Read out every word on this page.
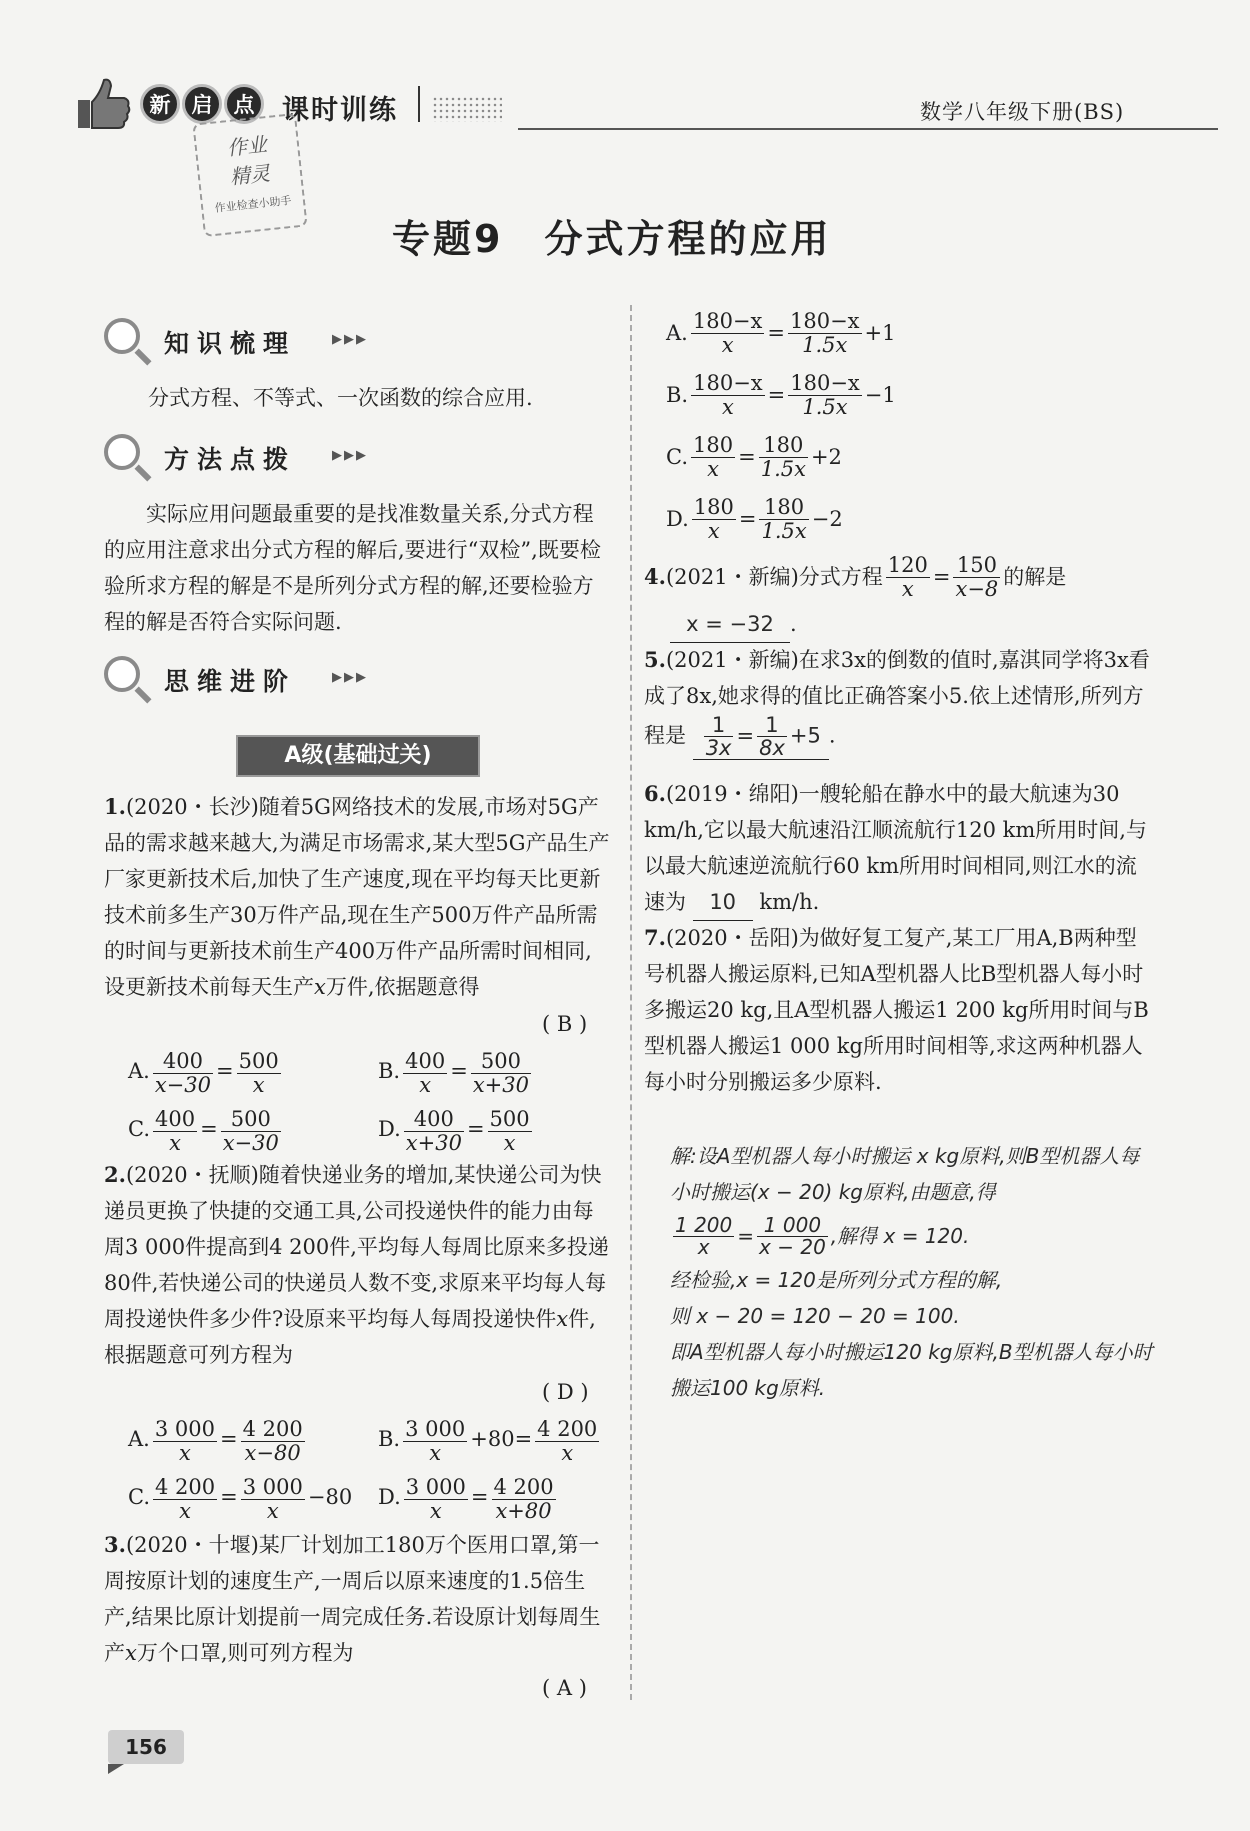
新	启	点	课时训练	数学八年级下册(BS)
作业
精灵
作业检查小助手
专题9　分式方程的应用
知识梳理	▶▶▶
分式方程、不等式、一次函数的综合应用.
方法点拨	▶▶▶
实际应用问题最重要的是找准数量关系,分式方程的应用注意求出分式方程的解后,要进行“双检”,既要检验所求方程的解是不是所列分式方程的解,还要检验方程的解是否符合实际问题.
思维进阶	▶▶▶
A级(基础过关)
1.(2020・长沙)随着5G网络技术的发展,市场对5G产品的需求越来越大,为满足市场需求,某大型5G产品生产厂家更新技术后,加快了生产速度,现在平均每天比更新技术前多生产30万件产品,现在生产500万件产品所需的时间与更新技术前生产400万件产品所需时间相同,设更新技术前每天生产x万件,依据题意得
( B )
A. $\frac{400}{x-30} = \frac{500}{x}$	B. $\frac{400}{x} = \frac{500}{x+30}$
C. $\frac{400}{x} = \frac{500}{x-30}$	D. $\frac{400}{x+30} = \frac{500}{x}$
2.(2020・抚顺)随着快递业务的增加,某快递公司为快递员更换了快捷的交通工具,公司投递快件的能力由每周3 000件提高到4 200件,平均每人每周比原来多投递80件,若快递公司的快递员人数不变,求原来平均每人每周投递快件多少件?设原来平均每人每周投递快件x件,根据题意可列方程为
( D )
A. $\frac{3 000}{x} = \frac{4 200}{x-80}$	B. $\frac{3 000}{x} +80= \frac{4 200}{x}$
C. $\frac{4 200}{x} = \frac{3 000}{x} -80$	D. $\frac{3 000}{x} = \frac{4 200}{x+80}$
3.(2020・十堰)某厂计划加工180万个医用口罩,第一周按原计划的速度生产,一周后以原来速度的1.5倍生产,结果比原计划提前一周完成任务.若设原计划每周生产x万个口罩,则可列方程为
( A )
A. $\frac{180-x}{x} = \frac{180-x}{1.5x} +1$
B. $\frac{180-x}{x} = \frac{180-x}{1.5x} -1$
C. $\frac{180}{x} = \frac{180}{1.5x} +2$
D. $\frac{180}{x} = \frac{180}{1.5x} -2$
4. (2021・新编)分式方程 $\frac{120}{x} = \frac{150}{x-8}$ 的解是
x = −32 .
5.(2021・新编)在求3x的倒数的值时,嘉淇同学将3x看成了8x,她求得的值比正确答案小5.依上述情形,所列方程是 $\frac{1}{3x} = \frac{1}{8x} +5$ .
6.(2019・绵阳)一艘轮船在静水中的最大航速为30 km/h,它以最大航速沿江顺流航行120 km所用时间,与以最大航速逆流航行60 km所用时间相同,则江水的流速为 10 km/h.
7.(2020・岳阳)为做好复工复产,某工厂用A,B两种型号机器人搬运原料,已知A型机器人比B型机器人每小时多搬运20 kg,且A型机器人搬运1 200 kg所用时间与B型机器人搬运1 000 kg所用时间相等,求这两种机器人每小时分别搬运多少原料.
解:设A型机器人每小时搬运 x kg原料,则B型机器人每小时搬运(x − 20) kg原料,由题意,得
$\frac{1 200}{x} = \frac{1 000}{x - 20}$ ,解得 x = 120.
经检验,x = 120是所列分式方程的解,
则 x − 20 = 120 − 20 = 100.
即A型机器人每小时搬运120 kg原料,B型机器人每小时搬运100 kg原料.
156
